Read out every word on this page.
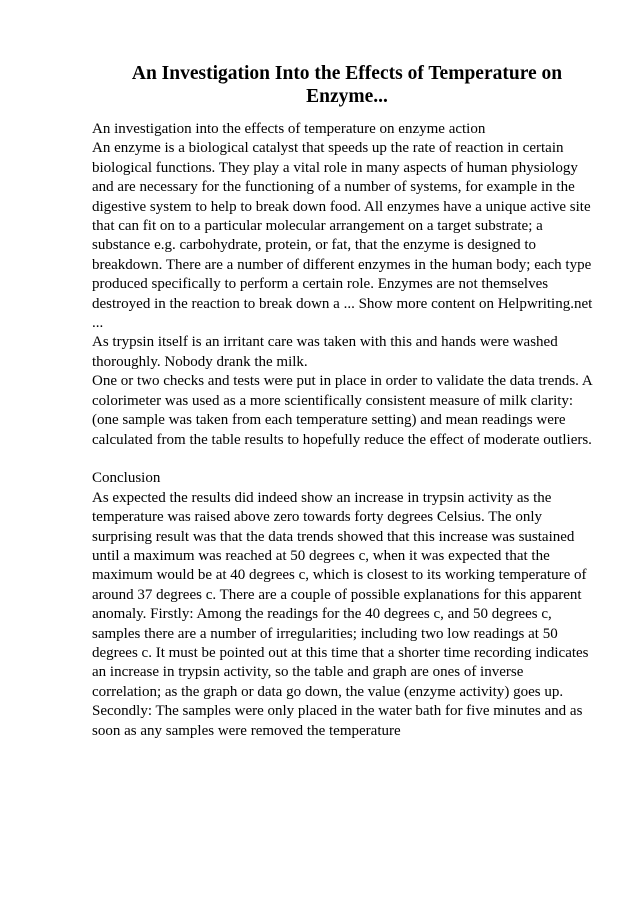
An Investigation Into the Effects of Temperature on Enzyme...

An investigation into the effects of temperature on enzyme action
An enzyme is a biological catalyst that speeds up the rate of reaction in certain biological functions. They play a vital role in many aspects of human physiology and are necessary for the functioning of a number of systems, for example in the digestive system to help to break down food. All enzymes have a unique active site that can fit on to a particular molecular arrangement on a target substrate; a substance e.g. carbohydrate, protein, or fat, that the enzyme is designed to breakdown. There are a number of different enzymes in the human body; each type produced specifically to perform a certain role. Enzymes are not themselves destroyed in the reaction to break down a ... Show more content on Helpwriting.net ...

As trypsin itself is an irritant care was taken with this and hands were washed thoroughly. Nobody drank the milk.

One or two checks and tests were put in place in order to validate the data trends. A colorimeter was used as a more scientifically consistent measure of milk clarity: (one sample was taken from each temperature setting) and mean readings were calculated from the table results to hopefully reduce the effect of moderate outliers.

Conclusion
As expected the results did indeed show an increase in trypsin activity as the temperature was raised above zero towards forty degrees Celsius. The only surprising result was that the data trends showed that this increase was sustained until a maximum was reached at 50 degrees c, when it was expected that the maximum would be at 40 degrees c, which is closest to its working temperature of around 37 degrees c. There are a couple of possible explanations for this apparent anomaly. Firstly: Among the readings for the 40 degrees c, and 50 degrees c, samples there are a number of irregularities; including two low readings at 50 degrees c. It must be pointed out at this time that a shorter time recording indicates an increase in trypsin activity, so the table and graph are ones of inverse correlation; as the graph or data go down, the value (enzyme activity) goes up.

Secondly: The samples were only placed in the water bath for five minutes and as soon as any samples were removed the temperature
